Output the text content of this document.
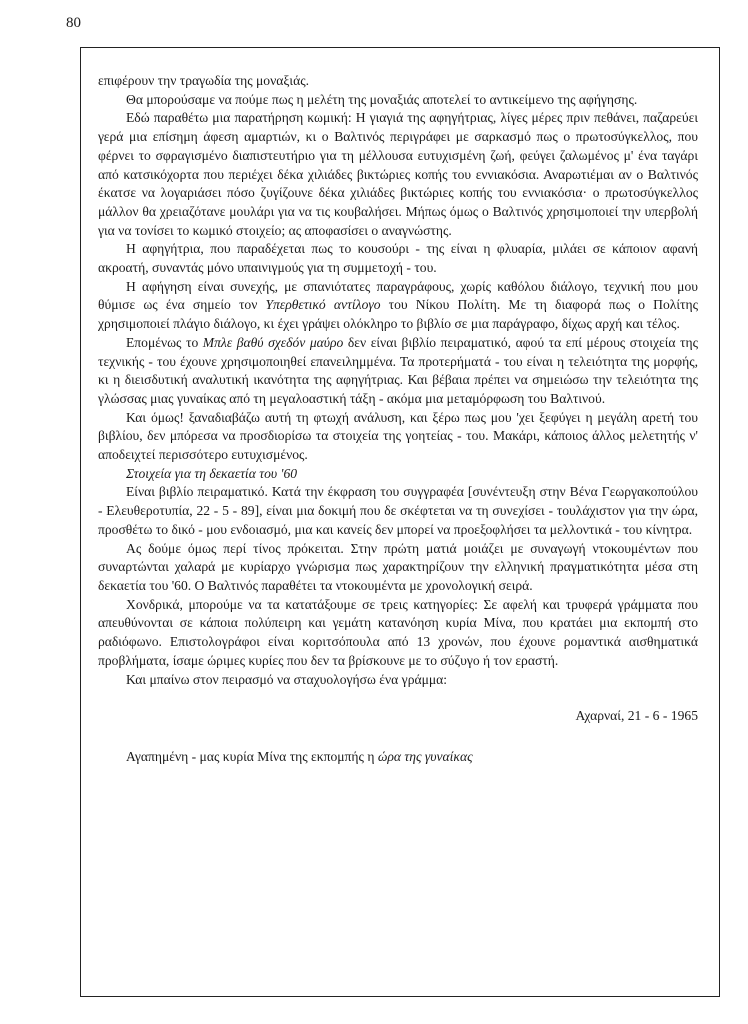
80

επιφέρουν την τραγωδία της μοναξιάς.

Θα μπορούσαμε να πούμε πως η μελέτη της μοναξιάς αποτελεί το αντικείμενο της αφήγησης.

Εδώ παραθέτω μια παρατήρηση κωμική: Η γιαγιά της αφηγήτριας, λίγες μέρες πριν πεθάνει, παζαρεύει γερά μια επίσημη άφεση αμαρτιών, κι ο Βαλτινός περιγράφει με σαρκασμό πως ο πρωτοσύγκελλος, που φέρνει το σφραγισμένο διαπιστευτήριο για τη μέλλουσα ευτυχισμένη ζωή, φεύγει ζαλωμένος μ' ένα ταγάρι από κατσικόχορτα που περιέχει δέκα χιλιάδες βικτώριες κοπής του εννιακόσια. Αναρωτιέμαι αν ο Βαλτινός έκατσε να λογαριάσει πόσο ζυγίζουνε δέκα χιλιάδες βικτώριες κοπής του εννιακόσια· ο πρωτοσύγκελλος μάλλον θα χρειαζότανε μουλάρι για να τις κουβαλήσει. Μήπως όμως ο Βαλτινός χρησιμοποιεί την υπερβολή για να τονίσει το κωμικό στοιχείο; ας αποφασίσει ο αναγνώστης.

Η αφηγήτρια, που παραδέχεται πως το κουσούρι - της είναι η φλυαρία, μιλάει σε κάποιον αφανή ακροατή, συναντάς μόνο υπαινιγμούς για τη συμμετοχή - του.

Η αφήγηση είναι συνεχής, με σπανιότατες παραγράφους, χωρίς καθόλου διάλογο, τεχνική που μου θύμισε ως ένα σημείο τον Υπερθετικό αντίλογο του Νίκου Πολίτη. Με τη διαφορά πως ο Πολίτης χρησιμοποιεί πλάγιο διάλογο, κι έχει γράψει ολόκληρο το βιβλίο σε μια παράγραφο, δίχως αρχή και τέλος.

Επομένως το Μπλε βαθύ σχεδόν μαύρο δεν είναι βιβλίο πειραματικό, αφού τα επί μέρους στοιχεία της τεχνικής - του έχουνε χρησιμοποιηθεί επανειλημμένα. Τα προτερήματά - του είναι η τελειότητα της μορφής, κι η διεισδυτική αναλυτική ικανότητα της αφηγήτριας. Και βέβαια πρέπει να σημειώσω την τελειότητα της γλώσσας μιας γυναίκας από τη μεγαλοαστική τάξη - ακόμα μια μεταμόρφωση του Βαλτινού.

Και όμως! ξαναδιαβάζω αυτή τη φτωχή ανάλυση, και ξέρω πως μου 'χει ξεφύγει η μεγάλη αρετή του βιβλίου, δεν μπόρεσα να προσδιορίσω τα στοιχεία της γοητείας - του. Μακάρι, κάποιος άλλος μελετητής ν' αποδειχτεί περισσότερο ευτυχισμένος.

Στοιχεία για τη δεκαετία του '60

Είναι βιβλίο πειραματικό. Κατά την έκφραση του συγγραφέα [συνέντευξη στην Βένα Γεωργακοπούλου - Ελευθεροτυπία, 22 - 5 - 89], είναι μια δοκιμή που δε σκέφτεται να τη συνεχίσει - τουλάχιστον για την ώρα, προσθέτω το δικό - μου ενδοιασμό, μια και κανείς δεν μπορεί να προεξοφλήσει τα μελλοντικά - του κίνητρα.

Ας δούμε όμως περί τίνος πρόκειται. Στην πρώτη ματιά μοιάζει με συναγωγή ντοκουμέντων που συναρτώνται χαλαρά με κυρίαρχο γνώρισμα πως χαρακτηρίζουν την ελληνική πραγματικότητα μέσα στη δεκαετία του '60. Ο Βαλτινός παραθέτει τα ντοκουμέντα με χρονολογική σειρά.

Χονδρικά, μπορούμε να τα κατατάξουμε σε τρεις κατηγορίες: Σε αφελή και τρυφερά γράμματα που απευθύνονται σε κάποια πολύπειρη και γεμάτη κατανόηση κυρία Μίνα, που κρατάει μια εκπομπή στο ραδιόφωνο. Επιστολογράφοι είναι κοριτσόπουλα από 13 χρονών, που έχουνε ρομαντικά αισθηματικά προβλήματα, ίσαμε ώριμες κυρίες που δεν τα βρίσκουνε με το σύζυγο ή τον εραστή.

Και μπαίνω στον πειρασμό να σταχυολογήσω ένα γράμμα:

Αχαρναί, 21 - 6 - 1965

Αγαπημένη - μας κυρία Μίνα της εκπομπής η ώρα της γυναίκας
